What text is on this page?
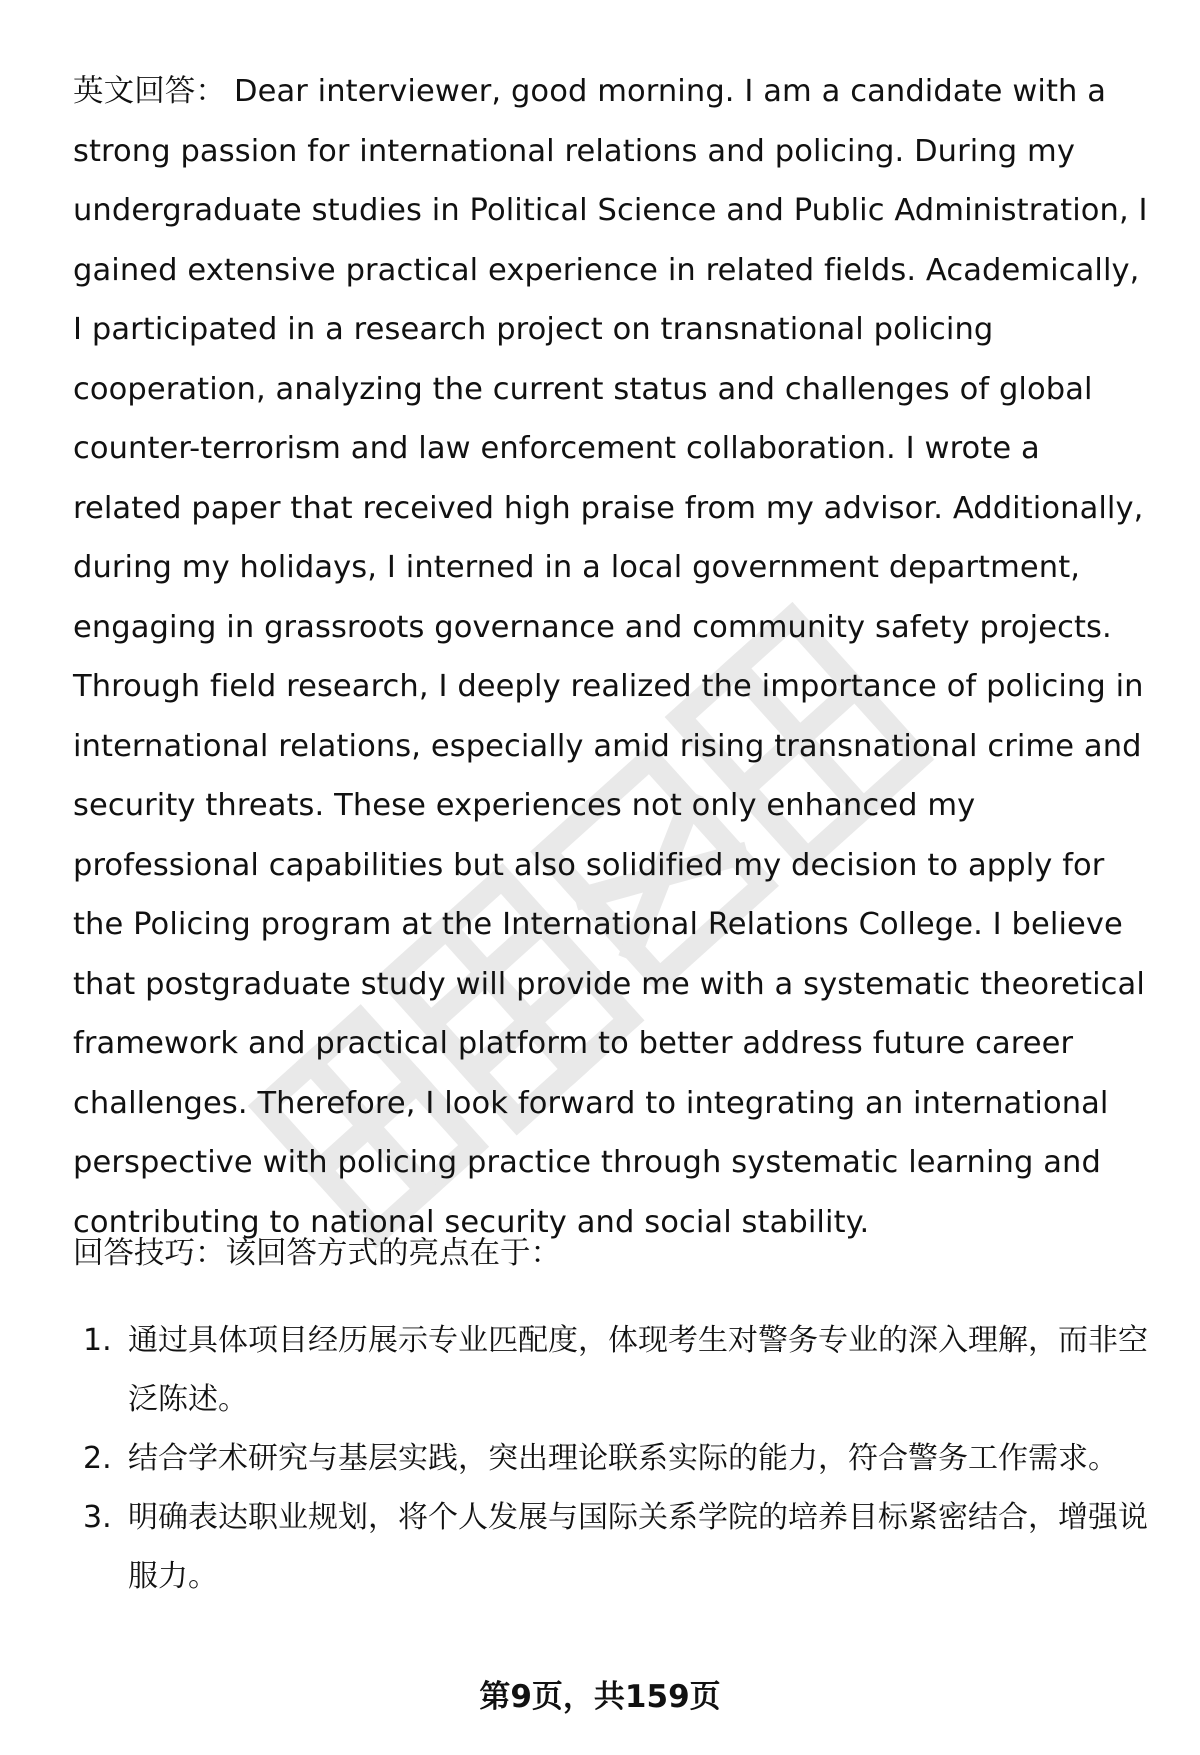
英文回答： Dear interviewer, good morning. I am a candidate with a strong passion for international relations and policing. During my undergraduate studies in Political Science and Public Administration, I gained extensive practical experience in related fields. Academically, I participated in a research project on transnational policing cooperation, analyzing the current status and challenges of global counter-terrorism and law enforcement collaboration. I wrote a related paper that received high praise from my advisor. Additionally, during my holidays, I interned in a local government department, engaging in grassroots governance and community safety projects. Through field research, I deeply realized the importance of policing in international relations, especially amid rising transnational crime and security threats. These experiences not only enhanced my professional capabilities but also solidified my decision to apply for the Policing program at the International Relations College. I believe that postgraduate study will provide me with a systematic theoretical framework and practical platform to better address future career challenges. Therefore, I look forward to integrating an international perspective with policing practice through systematic learning and contributing to national security and social stability.
回答技巧：该回答方式的亮点在于：
1. 通过具体项目经历展示专业匹配度，体现考生对警务专业的深入理解，而非空泛陈述。
2. 结合学术研究与基层实践，突出理论联系实际的能力，符合警务工作需求。
3. 明确表达职业规划，将个人发展与国际关系学院的培养目标紧密结合，增强说服力。
第9页，共159页
